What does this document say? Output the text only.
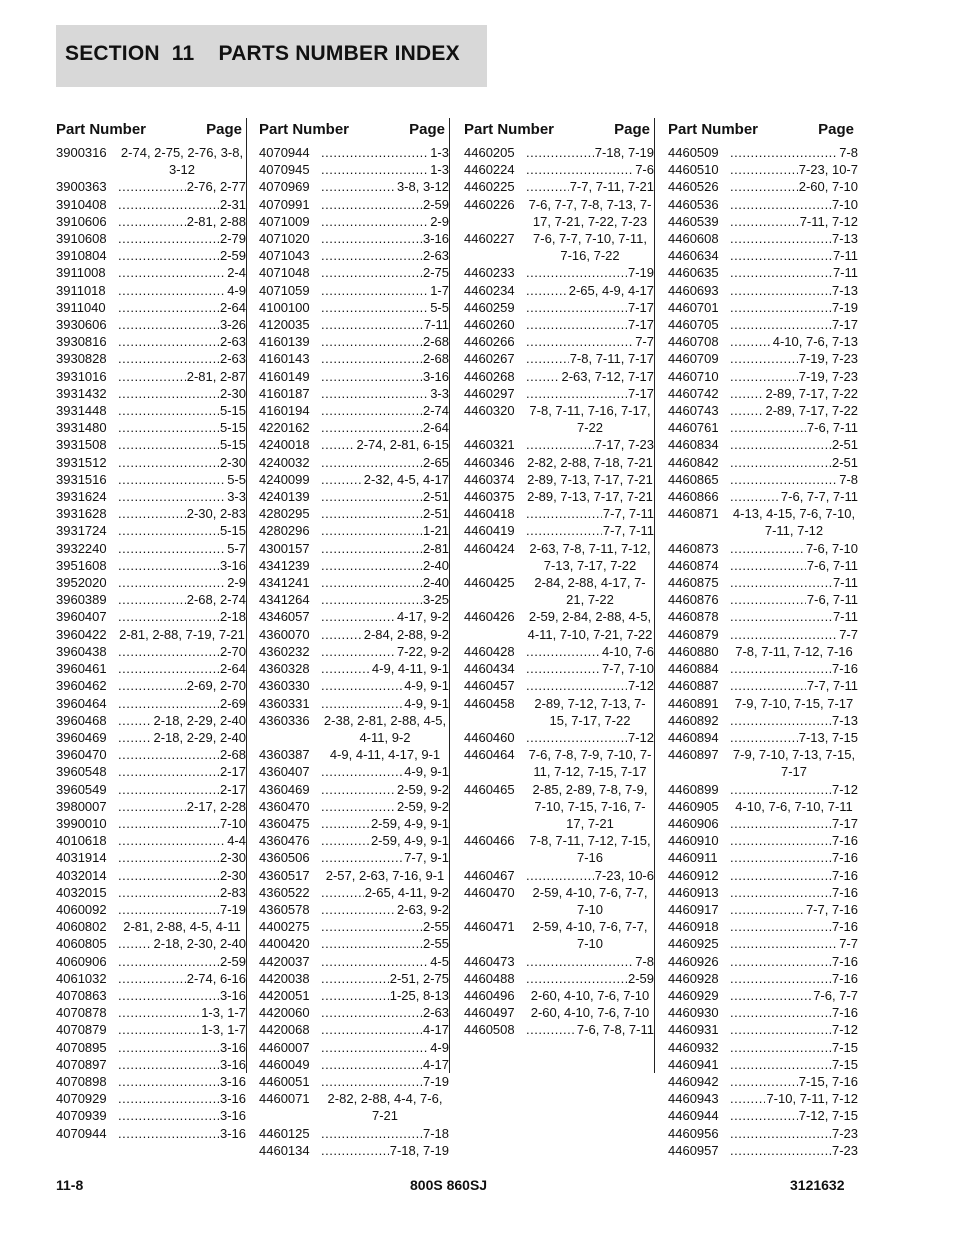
SECTION  11    PARTS NUMBER INDEX
Part Number	Page
3900316	2-74, 2-75, 2-76, 3-8, 3-12
3900363 .....	2-76, 2-77
3910408 .....	2-31
3910606 .....	2-81, 2-88
3910608 .....	2-79
3910804 .....	2-59
3911008 .....	2-4
3911018 .....	4-9
3911040 .....	2-64
3930606 .....	3-26
3930816 .....	2-63
3930828 .....	2-63
3931016 .....	2-81, 2-87
3931432 .....	2-30
3931448 .....	5-15
3931480 .....	5-15
3931508 .....	5-15
3931512 .....	2-30
3931516 .....	5-5
3931624 .....	3-3
3931628 .....	2-30, 2-83
3931724 .....	5-15
3932240 .....	5-7
3951608 .....	3-16
3952020 .....	2-9
3960389 .....	2-68, 2-74
3960407 .....	2-18
3960422 2-81, 2-88, 7-19, 7-21
3960438 .....	2-70
3960461 .....	2-64
3960462 .....	2-69, 2-70
3960464 .....	2-69
3960468 .....	2-18, 2-29, 2-40
3960469 .....	2-18, 2-29, 2-40
3960470 .....	2-68
3960548 .....	2-17
3960549 .....	2-17
3980007 .....	2-17, 2-28
3990010 .....	7-10
4010618 .....	4-4
4031914 .....	2-30
4032014 .....	2-30
4032015 .....	2-83
4060092 .....	7-19
4060802	2-81, 2-88, 4-5, 4-11
4060805 .....	2-18, 2-30, 2-40
4060906 .....	2-59
4061032 .....	2-74, 6-16
4070863 .....	3-16
4070878 .....	1-3, 1-7
4070879 .....	1-3, 1-7
4070895 .....	3-16
4070897 .....	3-16
4070898 .....	3-16
4070929 .....	3-16
4070939 .....	3-16
4070944 .....	3-16
Part Number	Page
4070944 .....	1-3
4070945 .....	1-3
4070969 .....	3-8, 3-12
4070991 .....	2-59
4071009 .....	2-9
4071020 .....	3-16
4071043 .....	2-63
4071048 .....	2-75
4071059 .....	1-7
4100100 .....	5-5
4120035 .....	7-11
4160139 .....	2-68
4160143 .....	2-68
4160149 .....	3-16
4160187 .....	3-3
4160194 .....	2-74
4220162 .....	2-64
4240018 .....	2-74, 2-81, 6-15
4240032 .....	2-65
4240099 .....	2-32, 4-5, 4-17
4240139 .....	2-51
4280295 .....	2-51
4280296 .....	1-21
4300157 .....	2-81
4341239 .....	2-40
4341241 .....	2-40
4341264 .....	3-25
4346057 .....	4-17, 9-2
4360070 .....	2-84, 2-88, 9-2
4360232 .....	7-22, 9-2
4360328 .....	4-9, 4-11, 9-1
4360330 .....	4-9, 9-1
4360331 .....	4-9, 9-1
4360336	2-38, 2-81, 2-88, 4-5, 4-11, 9-2
4360387	4-9, 4-11, 4-17, 9-1
4360407 .....	4-9, 9-1
4360469 .....	2-59, 9-2
4360470 .....	2-59, 9-2
4360475 .....	2-59, 4-9, 9-1
4360476 .....	2-59, 4-9, 9-1
4360506 .....	7-7, 9-1
4360517	2-57, 2-63, 7-16, 9-1
4360522 .....	2-65, 4-11, 9-2
4360578 .....	2-63, 9-2
4400275 .....	2-55
4400420 .....	2-55
4420037 .....	4-5
4420038 .....	2-51, 2-75
4420051 .....	1-25, 8-13
4420060 .....	2-63
4420068 .....	4-17
4460007 .....	4-9
4460049 .....	4-17
4460051 .....	7-19
4460071	2-82, 2-88, 4-4, 7-6, 7-21
4460125 .....	7-18
4460134 .....	7-18, 7-19
Part Number	Page
4460205 .....	7-18, 7-19
4460224 .....	7-6
4460225 .....	7-7, 7-11, 7-21
4460226	7-6, 7-7, 7-8, 7-13, 7-17, 7-21, 7-22, 7-23
4460227	7-6, 7-7, 7-10, 7-11, 7-16, 7-22
4460233 .....	7-19
4460234 .....	2-65, 4-9, 4-17
4460259 .....	7-17
4460260 .....	7-17
4460266 .....	7-7
4460267 .....	7-8, 7-11, 7-17
4460268 .....	2-63, 7-12, 7-17
4460297 .....	7-17
4460320	7-8, 7-11, 7-16, 7-17, 7-22
4460321 .....	7-17, 7-23
4460346 2-82, 2-88, 7-18, 7-21
4460374 2-89, 7-13, 7-17, 7-21
4460375 2-89, 7-13, 7-17, 7-21
4460418 .....	7-7, 7-11
4460419 .....	7-7, 7-11
4460424	2-63, 7-8, 7-11, 7-12, 7-13, 7-17, 7-22
4460425	2-84, 2-88, 4-17, 7-21, 7-22
4460426	2-59, 2-84, 2-88, 4-5, 4-11, 7-10, 7-21, 7-22
4460428 .....	4-10, 7-6
4460434 .....	7-7, 7-10
4460457 .....	7-12
4460458	2-89, 7-12, 7-13, 7-15, 7-17, 7-22
4460460 .....	7-12
4460464	7-6, 7-8, 7-9, 7-10, 7-11, 7-12, 7-15, 7-17
4460465	2-85, 2-89, 7-8, 7-9, 7-10, 7-15, 7-16, 7-17, 7-21
4460466	7-8, 7-11, 7-12, 7-15, 7-16
4460467 .....	7-23, 10-6
4460470	2-59, 4-10, 7-6, 7-7, 7-10
4460471	2-59, 4-10, 7-6, 7-7, 7-10
4460473 .....	7-8
4460488 .....	2-59
4460496	2-60, 4-10, 7-6, 7-10
4460497	2-60, 4-10, 7-6, 7-10
4460508 .....	7-6, 7-8, 7-11
Part Number	Page
4460509 .....	7-8
4460510 .....	7-23, 10-7
4460526 .....	2-60, 7-10
4460536 .....	7-10
4460539 .....	7-11, 7-12
4460608 .....	7-13
4460634 .....	7-11
4460635 .....	7-11
4460693 .....	7-13
4460701 .....	7-19
4460705 .....	7-17
4460708 .....	4-10, 7-6, 7-13
4460709 .....	7-19, 7-23
4460710 .....	7-19, 7-23
4460742 .....	2-89, 7-17, 7-22
4460743 .....	2-89, 7-17, 7-22
4460761 .....	7-6, 7-11
4460834 .....	2-51
4460842 .....	2-51
4460865 .....	7-8
4460866 .....	7-6, 7-7, 7-11
4460871	4-13, 4-15, 7-6, 7-10, 7-11, 7-12
4460873 .....	7-6, 7-10
4460874 .....	7-6, 7-11
4460875 .....	7-11
4460876 .....	7-6, 7-11
4460878 .....	7-11
4460879 .....	7-7
4460880	7-8, 7-11, 7-12, 7-16
4460884 .....	7-16
4460887 .....	7-7, 7-11
4460891	7-9, 7-10, 7-15, 7-17
4460892 .....	7-13
4460894 .....	7-13, 7-15
4460897	7-9, 7-10, 7-13, 7-15, 7-17
4460899 .....	7-12
4460905	4-10, 7-6, 7-10, 7-11
4460906 .....	7-17
4460910 .....	7-16
4460911 .....	7-16
4460912 .....	7-16
4460913 .....	7-16
4460917 .....	7-7, 7-16
4460918 .....	7-16
4460925 .....	7-7
4460926 .....	7-16
4460928 .....	7-16
4460929 .....	7-6, 7-7
4460930 .....	7-16
4460931 .....	7-12
4460932 .....	7-15
4460941 .....	7-15
4460942 .....	7-15, 7-16
4460943 .....	7-10, 7-11, 7-12
4460944 .....	7-12, 7-15
4460956 .....	7-23
4460957 .....	7-23
11-8	800S 860SJ	3121632
